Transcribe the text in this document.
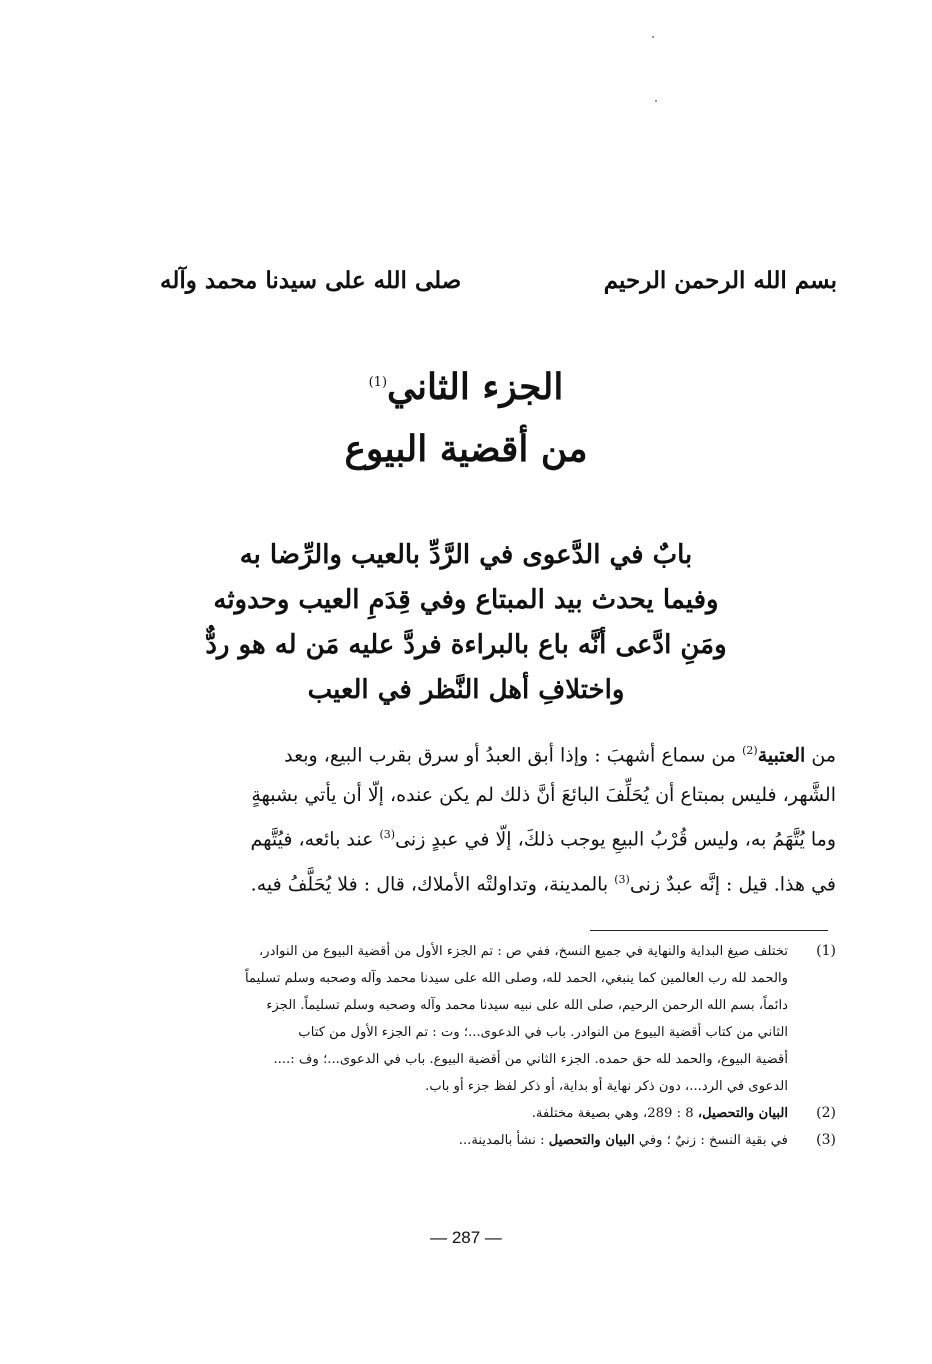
بسم الله الرحمن الرحيم
صلى الله على سيدنا محمد وآله
الجزء الثاني$^{(1)}$
من أقضية البيوع
بابٌ في الدَّعوى في الرَّدِّ بالعيب والرِّضا به
وفيما يحدث بيد المبتاع وفي قِدَمِ العيب وحدوثه
ومَنِ ادَّعى أنَّه باع بالبراءة فردَّ عليه مَن له هو ردٌّ
واختلافِ أهل النَّظر في العيب
من العتبية$^{(2)}$ من سماع أشهبَ : وإذا أبق العبدُ أو سرق بقرب البيع، وبعد
الشَّهر، فليس بمبتاع أن يُحَلِّفَ البائعَ أنَّ ذلك لم يكن عنده، إلّا أن يأتي بشبهةٍ
وما يُتَّهَمُ به، وليس قُرْبُ البيعِ يوجب ذلكَ، إلّا في عبدٍ زنى$^{(3)}$ عند بائعه، فيُتَّهم
في هذا. قيل : إنَّه عبدٌ زنى$^{(3)}$ بالمدينة، وتداولتْه الأملاك، قال : فلا يُحَلَّفُ فيه.
(1)
تختلف صيغ البداية والنهاية في جميع النسخ، ففي ص : تم الجزء الأول من أقضية البيوع من النوادر،
والحمد لله رب العالمين كما ينبغي، الحمد لله، وصلى الله على سيدنا محمد وآله وصحبه وسلم تسليماً
دائماً، بسم الله الرحمن الرحيم، صلى الله على نبيه سيدنا محمد وآله وصحبه وسلم تسليماً. الجزء
الثاني من كتاب أقضية البيوع من النوادر. باب في الدعوى...؛ وت : تم الجزء الأول من كتاب
أقضية البيوع، والحمد لله حق حمده. الجزء الثاني من أقضية البيوع. باب في الدعوى...؛ وف :....
الدعوى في الرد...، دون ذكر نهاية أو بداية، أو ذكر لفظ جزء أو باب.
(2)
البيان والتحصيل، 8 : 289، وهي بصيغة مختلفة.
(3)
في بقية النسخ : زنيٌ ؛ وفي البيان والتحصيل : نشأ بالمدينة...
— 287 —
